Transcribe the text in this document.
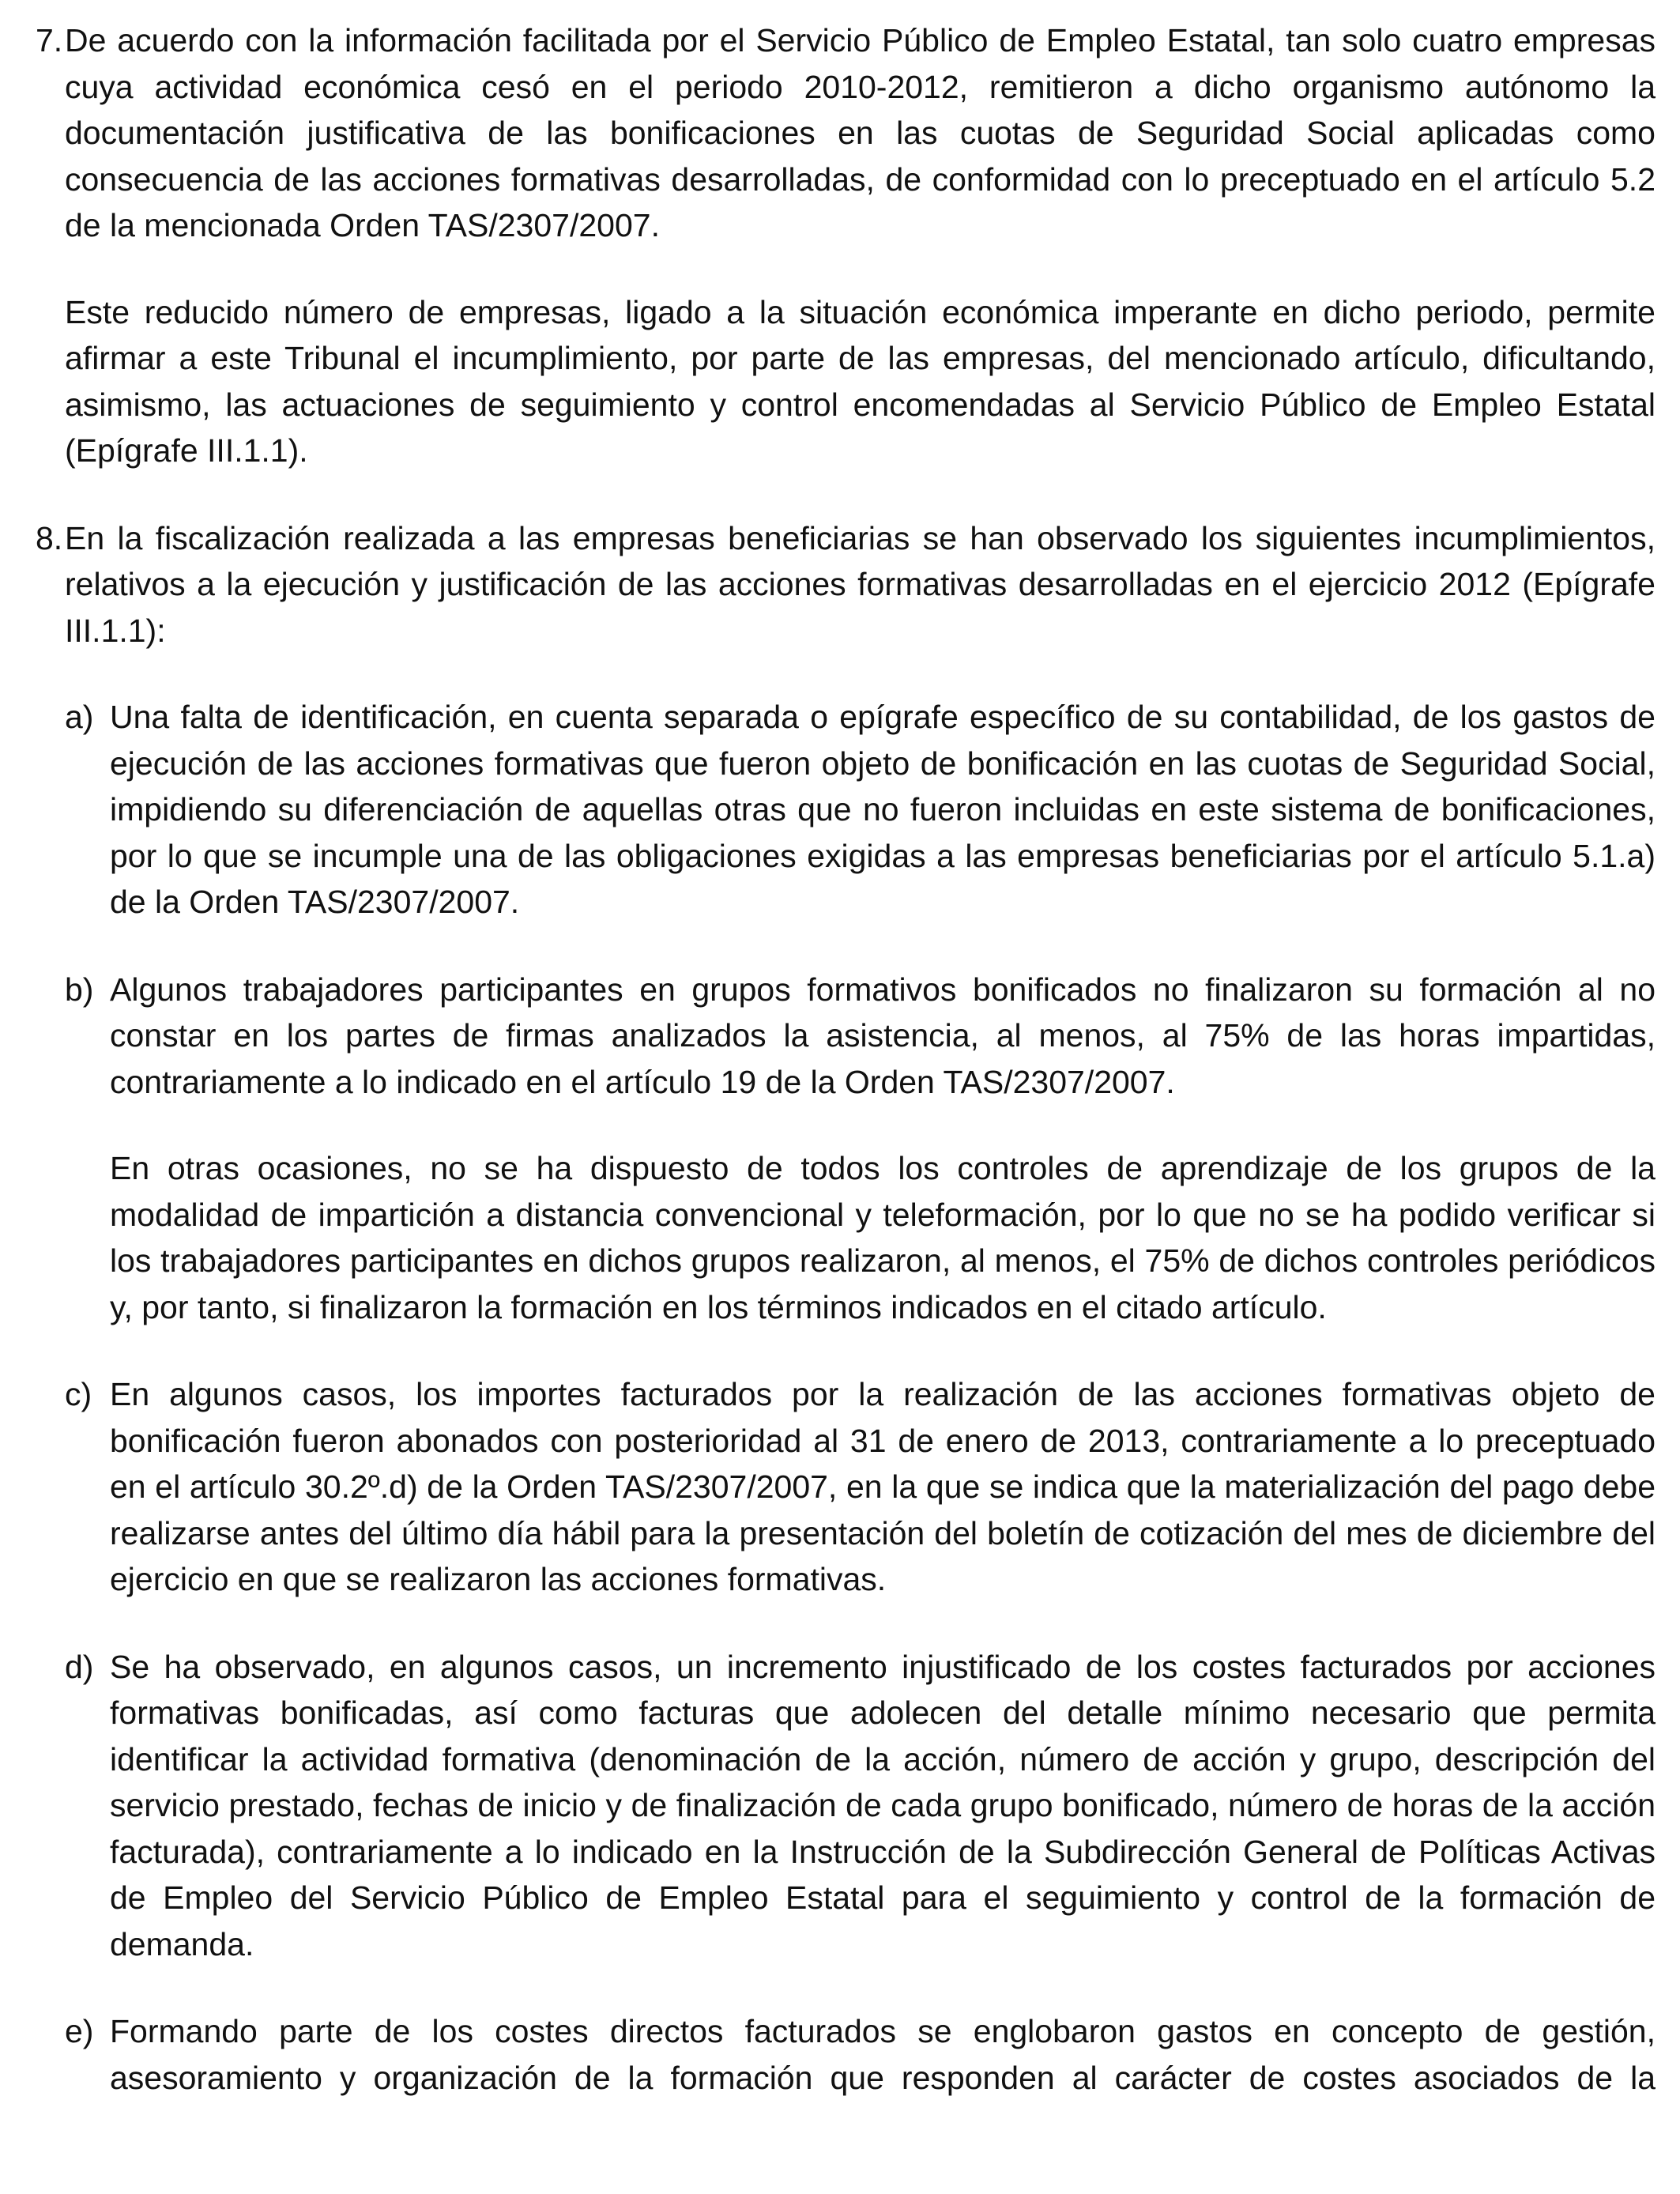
7. De acuerdo con la información facilitada por el Servicio Público de Empleo Estatal, tan solo cuatro empresas cuya actividad económica cesó en el periodo 2010-2012, remitieron a dicho organismo autónomo la documentación justificativa de las bonificaciones en las cuotas de Seguridad Social aplicadas como consecuencia de las acciones formativas desarrolladas, de conformidad con lo preceptuado en el artículo 5.2 de la mencionada Orden TAS/2307/2007.

Este reducido número de empresas, ligado a la situación económica imperante en dicho periodo, permite afirmar a este Tribunal el incumplimiento, por parte de las empresas, del mencionado artículo, dificultando, asimismo, las actuaciones de seguimiento y control encomendadas al Servicio Público de Empleo Estatal (Epígrafe III.1.1).

8. En la fiscalización realizada a las empresas beneficiarias se han observado los siguientes incumplimientos, relativos a la ejecución y justificación de las acciones formativas desarrolladas en el ejercicio 2012 (Epígrafe III.1.1):

a) Una falta de identificación, en cuenta separada o epígrafe específico de su contabilidad, de los gastos de ejecución de las acciones formativas que fueron objeto de bonificación en las cuotas de Seguridad Social, impidiendo su diferenciación de aquellas otras que no fueron incluidas en este sistema de bonificaciones, por lo que se incumple una de las obligaciones exigidas a las empresas beneficiarias por el artículo 5.1.a) de la Orden TAS/2307/2007.

b) Algunos trabajadores participantes en grupos formativos bonificados no finalizaron su formación al no constar en los partes de firmas analizados la asistencia, al menos, al 75% de las horas impartidas, contrariamente a lo indicado en el artículo 19 de la Orden TAS/2307/2007.

En otras ocasiones, no se ha dispuesto de todos los controles de aprendizaje de los grupos de la modalidad de impartición a distancia convencional y teleformación, por lo que no se ha podido verificar si los trabajadores participantes en dichos grupos realizaron, al menos, el 75% de dichos controles periódicos y, por tanto, si finalizaron la formación en los términos indicados en el citado artículo.

c) En algunos casos, los importes facturados por la realización de las acciones formativas objeto de bonificación fueron abonados con posterioridad al 31 de enero de 2013, contrariamente a lo preceptuado en el artículo 30.2º.d) de la Orden TAS/2307/2007, en la que se indica que la materialización del pago debe realizarse antes del último día hábil para la presentación del boletín de cotización del mes de diciembre del ejercicio en que se realizaron las acciones formativas.

d) Se ha observado, en algunos casos, un incremento injustificado de los costes facturados por acciones formativas bonificadas, así como facturas que adolecen del detalle mínimo necesario que permita identificar la actividad formativa (denominación de la acción, número de acción y grupo, descripción del servicio prestado, fechas de inicio y de finalización de cada grupo bonificado, número de horas de la acción facturada), contrariamente a lo indicado en la Instrucción de la Subdirección General de Políticas Activas de Empleo del Servicio Público de Empleo Estatal para el seguimiento y control de la formación de demanda.

e) Formando parte de los costes directos facturados se englobaron gastos en concepto de gestión, asesoramiento y organización de la formación que responden al carácter de costes asociados de la
